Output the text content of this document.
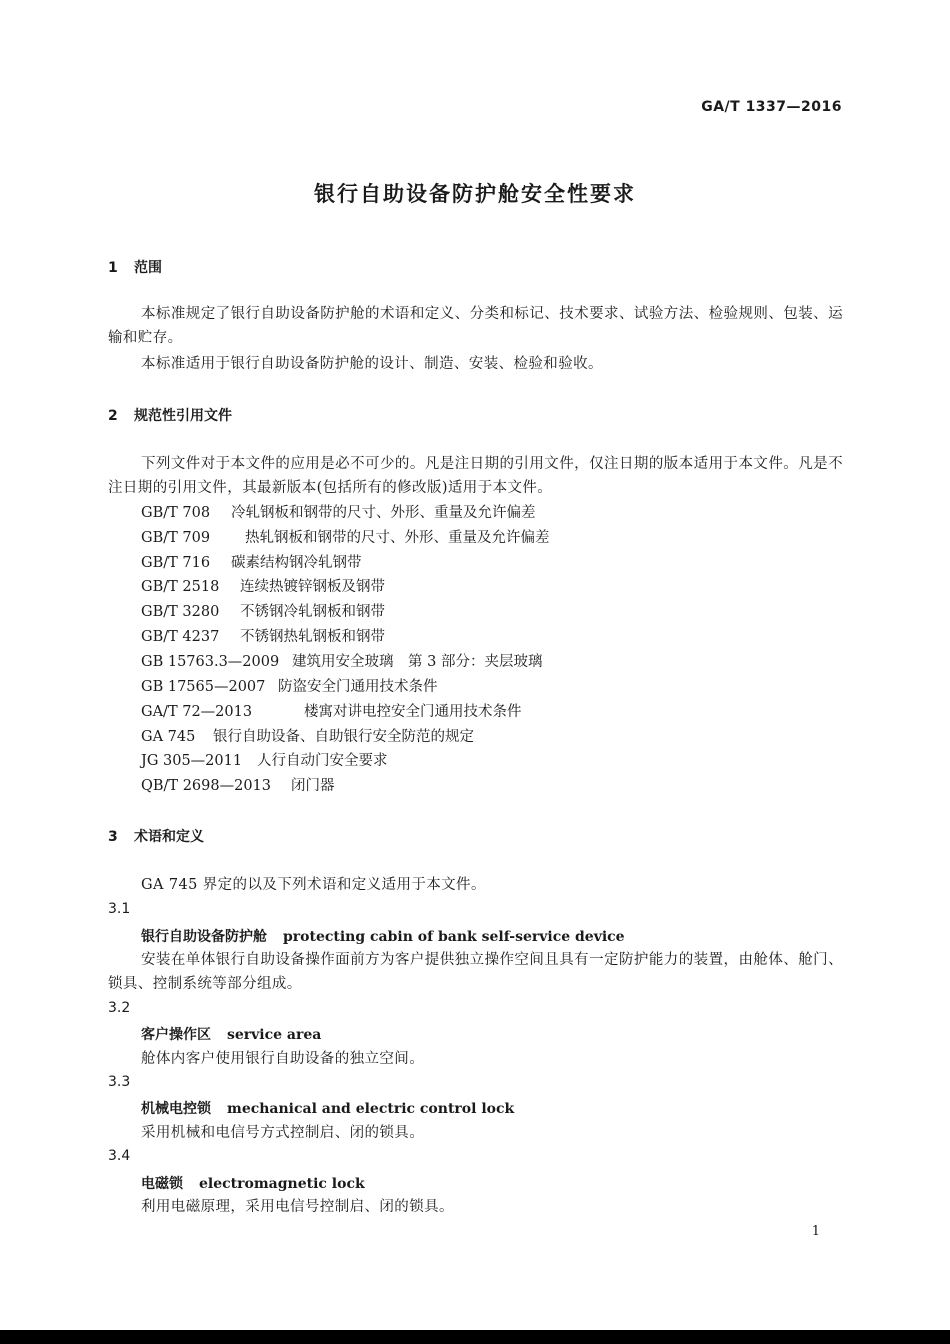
GA/T 1337—2016
银行自助设备防护舱安全性要求
1 范围
本标准规定了银行自助设备防护舱的术语和定义、分类和标记、技术要求、试验方法、检验规则、包装、运输和贮存。
本标准适用于银行自助设备防护舱的设计、制造、安装、检验和验收。
2 规范性引用文件
下列文件对于本文件的应用是必不可少的。凡是注日期的引用文件，仅注日期的版本适用于本文件。凡是不注日期的引用文件，其最新版本(包括所有的修改版)适用于本文件。
GB/T 708 冷轧钢板和钢带的尺寸、外形、重量及允许偏差
GB/T 709 热轧钢板和钢带的尺寸、外形、重量及允许偏差
GB/T 716 碳素结构钢冷轧钢带
GB/T 2518 连续热镀锌钢板及钢带
GB/T 3280 不锈钢冷轧钢板和钢带
GB/T 4237 不锈钢热轧钢板和钢带
GB 15763.3—2009 建筑用安全玻璃　第 3 部分：夹层玻璃
GB 17565—2007 防盗安全门通用技术条件
GA/T 72—2013	楼寓对讲电控安全门通用技术条件
GA 745 银行自助设备、自助银行安全防范的规定
JG 305—2011 人行自动门安全要求
QB/T 2698—2013 闭门器
3 术语和定义
GA 745 界定的以及下列术语和定义适用于本文件。
3.1
银行自助设备防护舱 protecting cabin of bank self-service device
安装在单体银行自助设备操作面前方为客户提供独立操作空间且具有一定防护能力的装置，由舱体、舱门、锁具、控制系统等部分组成。
3.2
客户操作区 service area
舱体内客户使用银行自助设备的独立空间。
3.3
机械电控锁 mechanical and electric control lock
采用机械和电信号方式控制启、闭的锁具。
3.4
电磁锁 electromagnetic lock
利用电磁原理，采用电信号控制启、闭的锁具。
1
